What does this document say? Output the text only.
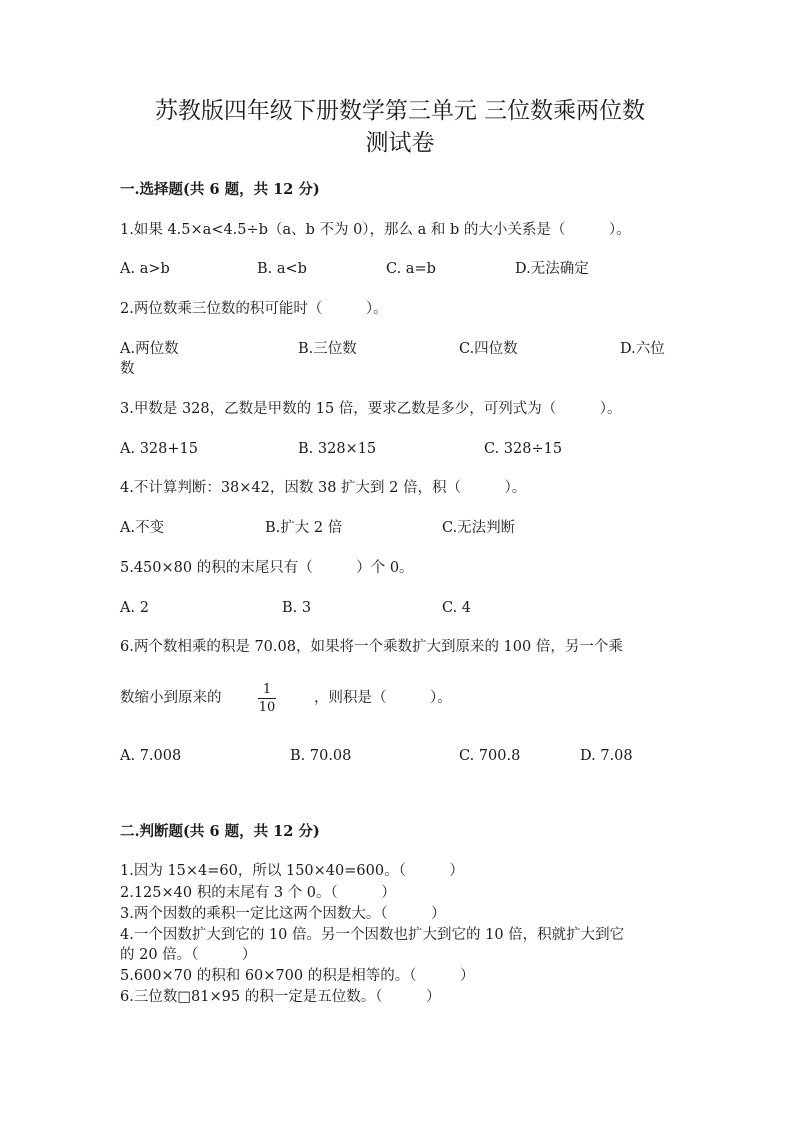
苏教版四年级下册数学第三单元 三位数乘两位数
测试卷
一.选择题(共 6 题，共 12 分)
1.如果 4.5×a<4.5÷b（a、b 不为 0），那么 a 和 b 的大小关系是（　　　）。
A. a>b	B. a<b	C. a=b	D.无法确定
2.两位数乘三位数的积可能时（　　　）。
A.两位数	B.三位数	C.四位数	D.六位
数
3.甲数是 328，乙数是甲数的 15 倍，要求乙数是多少，可列式为（　　　）。
A. 328+15	B. 328×15	C. 328÷15
4.不计算判断：38×42，因数 38 扩大到 2 倍，积（　　　）。
A.不变	B.扩大 2 倍	C.无法判断
5.450×80 的积的末尾只有（　　　）个 0。
A. 2	B. 3	C. 4
6.两个数相乘的积是 70.08，如果将一个乘数扩大到原来的 100 倍，另一个乘
数缩小到原来的
1
10
，则积是（　　　）。
A. 7.008	B. 70.08	C. 700.8	D. 7.08
二.判断题(共 6 题，共 12 分)
1.因为 15×4=60，所以 150×40=600。（　　　）
2.125×40 积的末尾有 3 个 0。（　　　）
3.两个因数的乘积一定比这两个因数大。（　　　）
4.一个因数扩大到它的 10 倍。另一个因数也扩大到它的 10 倍，积就扩大到它
的 20 倍。（　　　）
5.600×70 的积和 60×700 的积是相等的。（　　　）
6.三位数□81×95 的积一定是五位数。（　　　）
